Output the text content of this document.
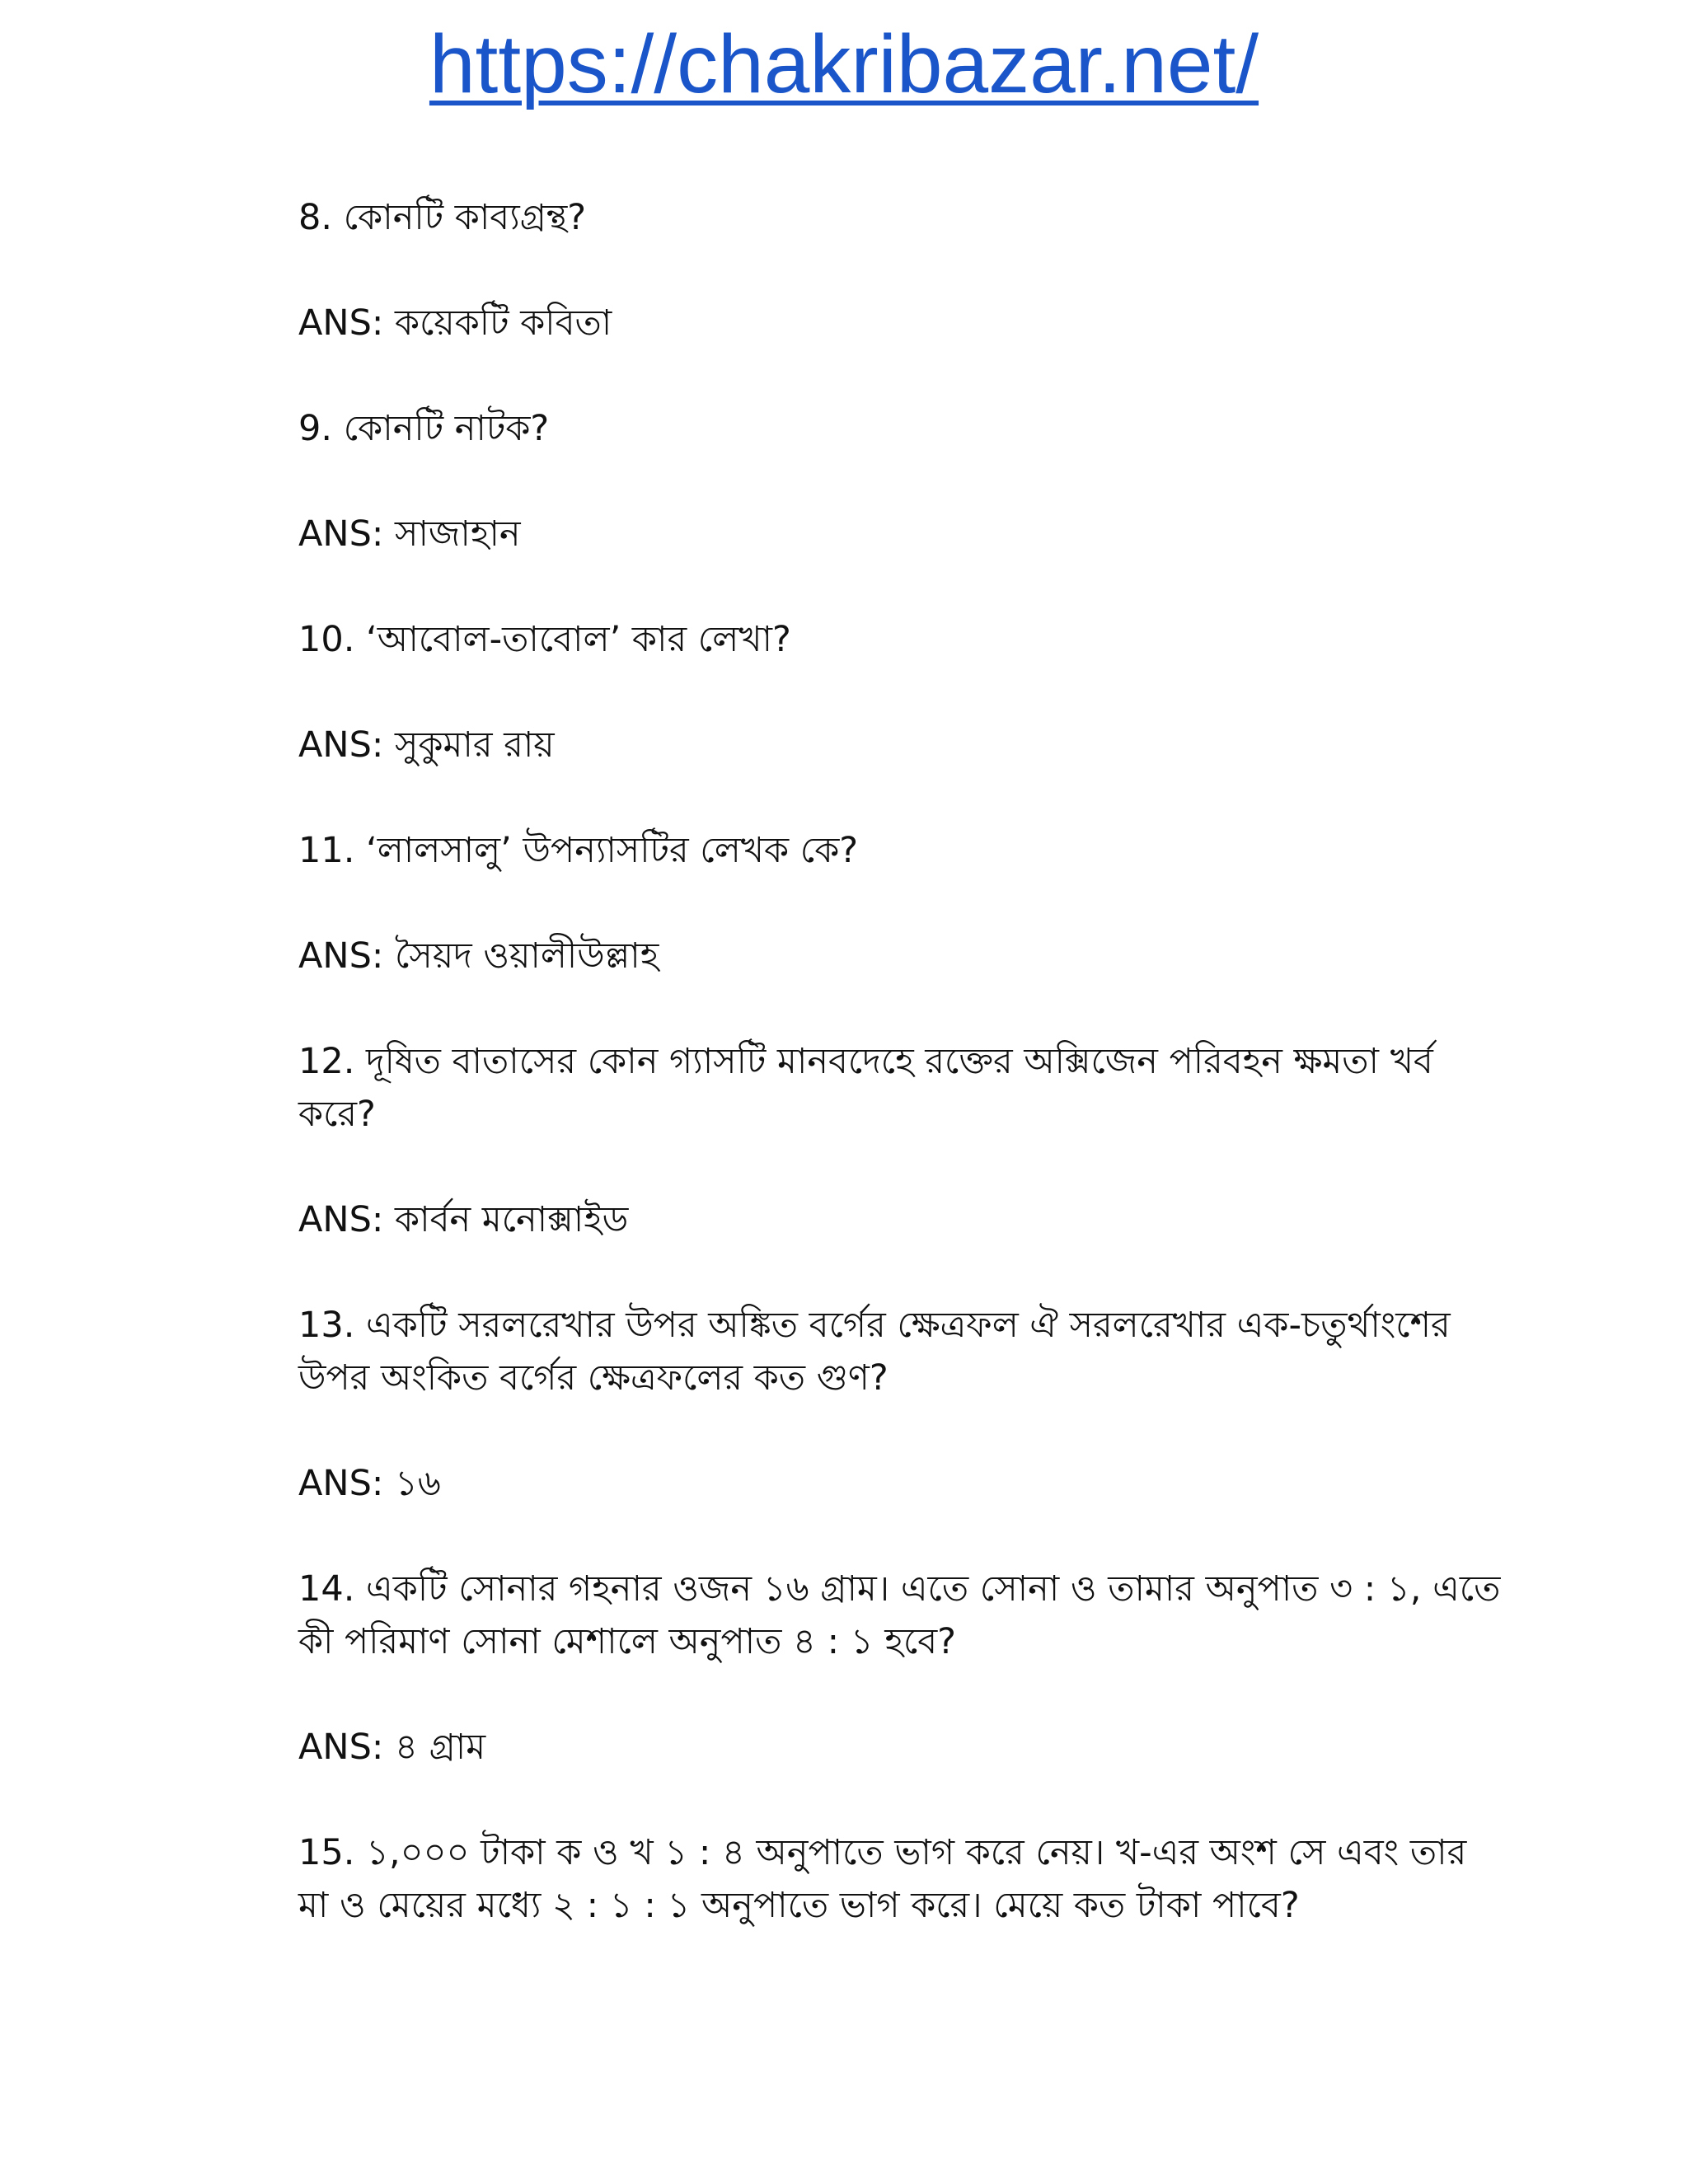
https://chakribazar.net/
8. কোনটি কাব্যগ্রন্থ?
ANS: কয়েকটি কবিতা
9. কোনটি নাটক?
ANS: সাজাহান
10. ‘আবোল-তাবোল’ কার লেখা?
ANS: সুকুমার রায়
11. ‘লালসালু’ উপন্যাসটির লেখক কে?
ANS: সৈয়দ ওয়ালীউল্লাহ
12. দূষিত বাতাসের কোন গ্যাসটি মানবদেহে রক্তের অক্সিজেন পরিবহন ক্ষমতা খর্ব
করে?
ANS: কার্বন মনোক্সাইড
13. একটি সরলরেখার উপর অঙ্কিত বর্গের ক্ষেত্রফল ঐ সরলরেখার এক-চতুর্থাংশের
উপর অংকিত বর্গের ক্ষেত্রফলের কত গুণ?
ANS: ১৬
14. একটি সোনার গহনার ওজন ১৬ গ্রাম। এতে সোনা ও তামার অনুপাত ৩ : ১, এতে
কী পরিমাণ সোনা মেশালে অনুপাত ৪ : ১ হবে?
ANS: ৪ গ্রাম
15. ১,০০০ টাকা ক ও খ ১ : ৪ অনুপাতে ভাগ করে নেয়। খ-এর অংশ সে এবং তার
মা ও মেয়ের মধ্যে ২ : ১ : ১ অনুপাতে ভাগ করে। মেয়ে কত টাকা পাবে?
